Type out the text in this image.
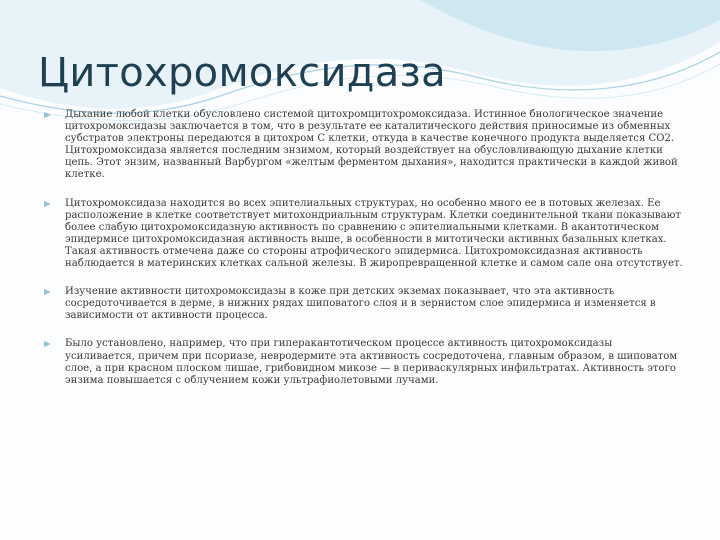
Цитохромоксидаза
Дыхание любой клетки обусловлено системой цитохромцитохромоксидаза. Истинное биологическое значение цитохромоксидазы заключается в том, что в результате ее каталитического действия приносимые из обменных субстратов электроны передаются в цитохром С клетки, откуда в качестве конечного продукта выделяется СО2. Цитохромоксидаза является последним знзимом, который воздействует на обусловливающую дыхание клетки цепь. Этот энзим, названный Варбургом «желтым ферментом дыхания», находится практически в каждой живой клетке.
Цитохромоксидаза находится во всех эпителиальных структурах, но особенно много ее в потовых железах. Ее расположение в клетке соответствует митохондриальным структурам. Клетки соединительной ткани показывают более слабую цитохромоксидазную активность по сравнению с эпителиальными клетками. В акантотическом эпидермисе цитохромоксидазная активность выше, в особенности в митотически активных базальных клетках. Такая активность отмечена даже со стороны атрофического эпидермиса. Цитохромоксидазная активность наблюдается в материнских клетках сальной железы. В жиропревращенной клетке и самом сале она отсутствует.
Изучение активности цитохромоксидазы в коже при детских экземах показывает, что эта активность сосредоточивается в дерме, в нижних рядах шиповатого слоя и в зернистом слое эпидермиса и изменяется в зависимости от активности процесса.
Было установлено, например, что при гиперакантотическом процессе активность цитохромоксидазы усиливается, причем при псориазе, невродермите эта активность сосредоточена, главным образом, в шиповатом слое, а при красном плоском лишае, грибовидном микозе — в периваскулярных инфильтратах. Активность этого энзима повышается с облучением кожи ультрафиолетовыми лучами.
